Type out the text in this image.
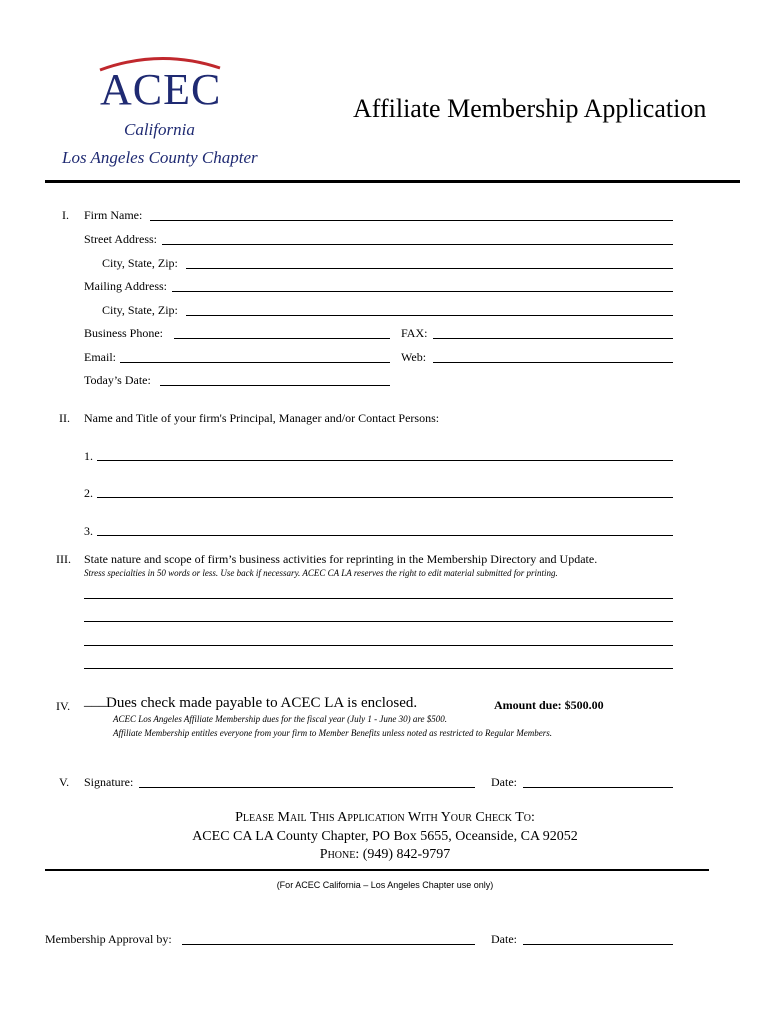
ACEC
California
Los Angeles County Chapter
Affiliate Membership Application
I. Firm Name:
Street Address:
City, State, Zip:
Mailing Address:
City, State, Zip:
Business Phone:	FAX:
Email:	Web:
Today’s Date:
II. Name and Title of your firm's Principal, Manager and/or Contact Persons:
1.
2.
3.
III. State nature and scope of firm’s business activities for reprinting in the Membership Directory and Update.
Stress specialties in 50 words or less. Use back if necessary. ACEC CA LA reserves the right to edit material submitted for printing.
IV. ___ Dues check made payable to ACEC LA is enclosed.	Amount due: $500.00
ACEC Los Angeles Affiliate Membership dues for the fiscal year (July 1 - June 30) are $500.
Affiliate Membership entitles everyone from your firm to Member Benefits unless noted as restricted to Regular Members.
V. Signature:	Date:
Please Mail This Application With Your Check To:
ACEC CA LA County Chapter, PO Box 5655, Oceanside, CA 92052
Phone: (949) 842-9797
(For ACEC California – Los Angeles Chapter use only)
Membership Approval by:	Date:
